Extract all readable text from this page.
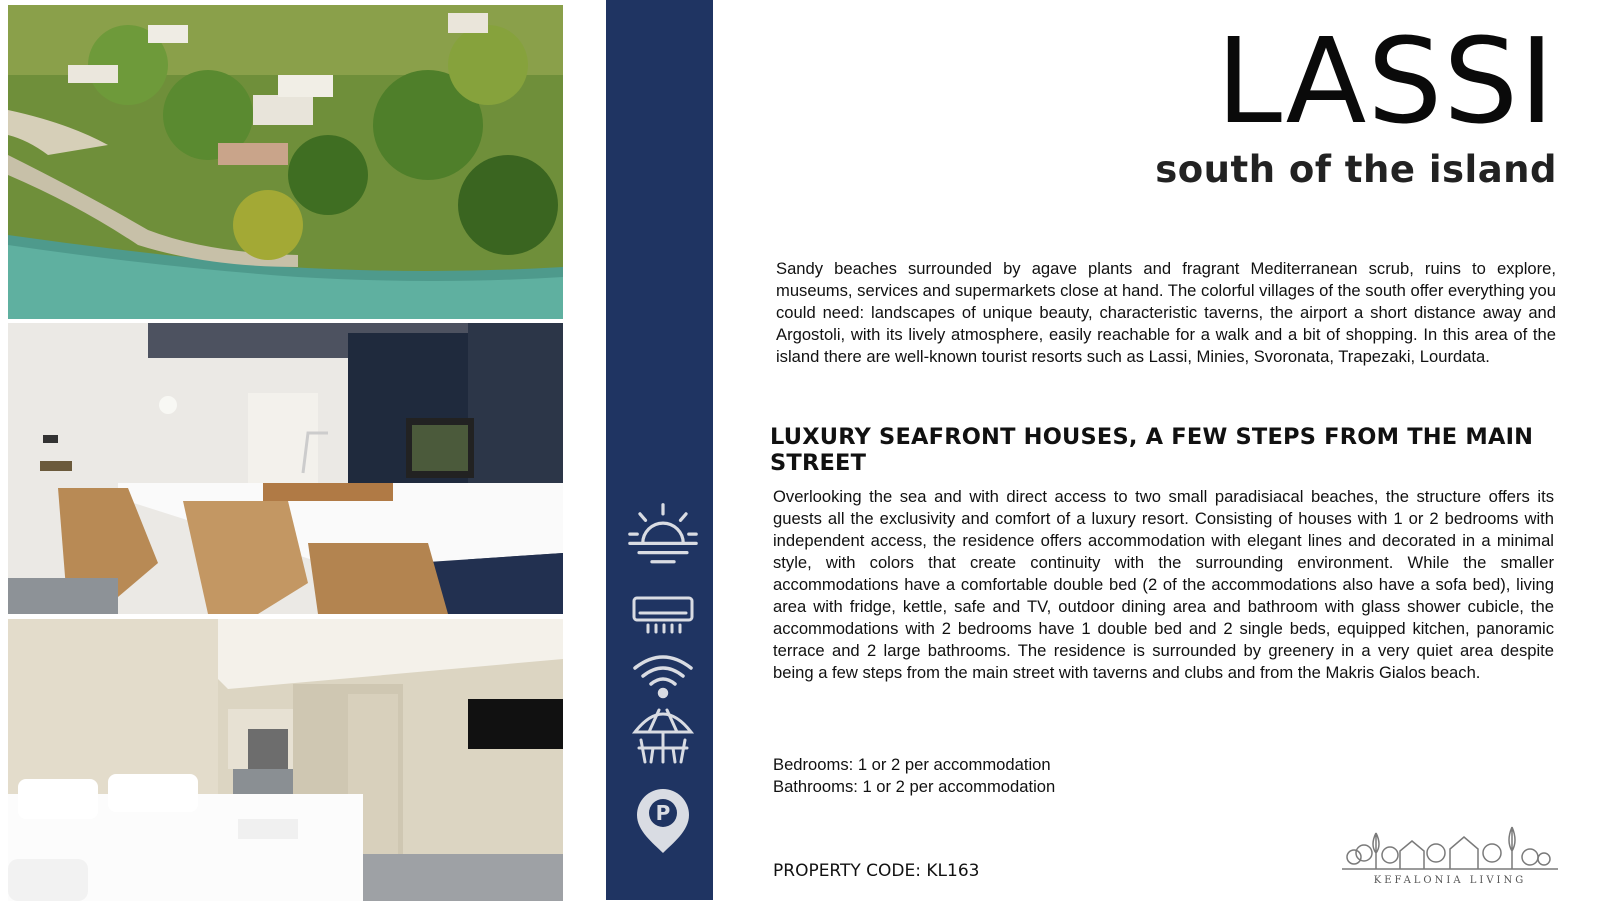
P
LASSI
south of the island

Sandy beaches surrounded by agave plants and fragrant Mediterranean scrub, ruins to explore, museums, services and supermarkets close at hand. The colorful villages of the south offer everything you could need: landscapes of unique beauty, characteristic taverns, the airport a short distance away and Argostoli, with its lively atmosphere, easily reachable for a walk and a bit of shopping. In this area of the island there are well-known tourist resorts such as Lassi, Minies, Svoronata, Trapezaki, Lourdata.

LUXURY SEAFRONT HOUSES, A FEW STEPS FROM THE MAIN STREET

Overlooking the sea and with direct access to two small paradisiacal beaches, the structure offers its guests all the exclusivity and comfort of a luxury resort. Consisting of houses with 1 or 2 bedrooms with independent access, the residence offers accommodation with elegant lines and decorated in a minimal style, with colors that create continuity with the surrounding environment. While the smaller accommodations have a comfortable double bed (2 of the accommodations also have a sofa bed), living area with fridge, kettle, safe and TV, outdoor dining area and bathroom with glass shower cubicle, the accommodations with 2 bedrooms have 1 double bed and 2 single beds, equipped kitchen, panoramic terrace and 2 large bathrooms. The residence is surrounded by greenery in a very quiet area despite being a few steps from the main street with taverns and clubs and from the Makris Gialos beach.

Bedrooms: 1 or 2 per accommodation

Bathrooms: 1 or 2 per accommodation

PROPERTY CODE: KL163	KEFALONIA LIVING
